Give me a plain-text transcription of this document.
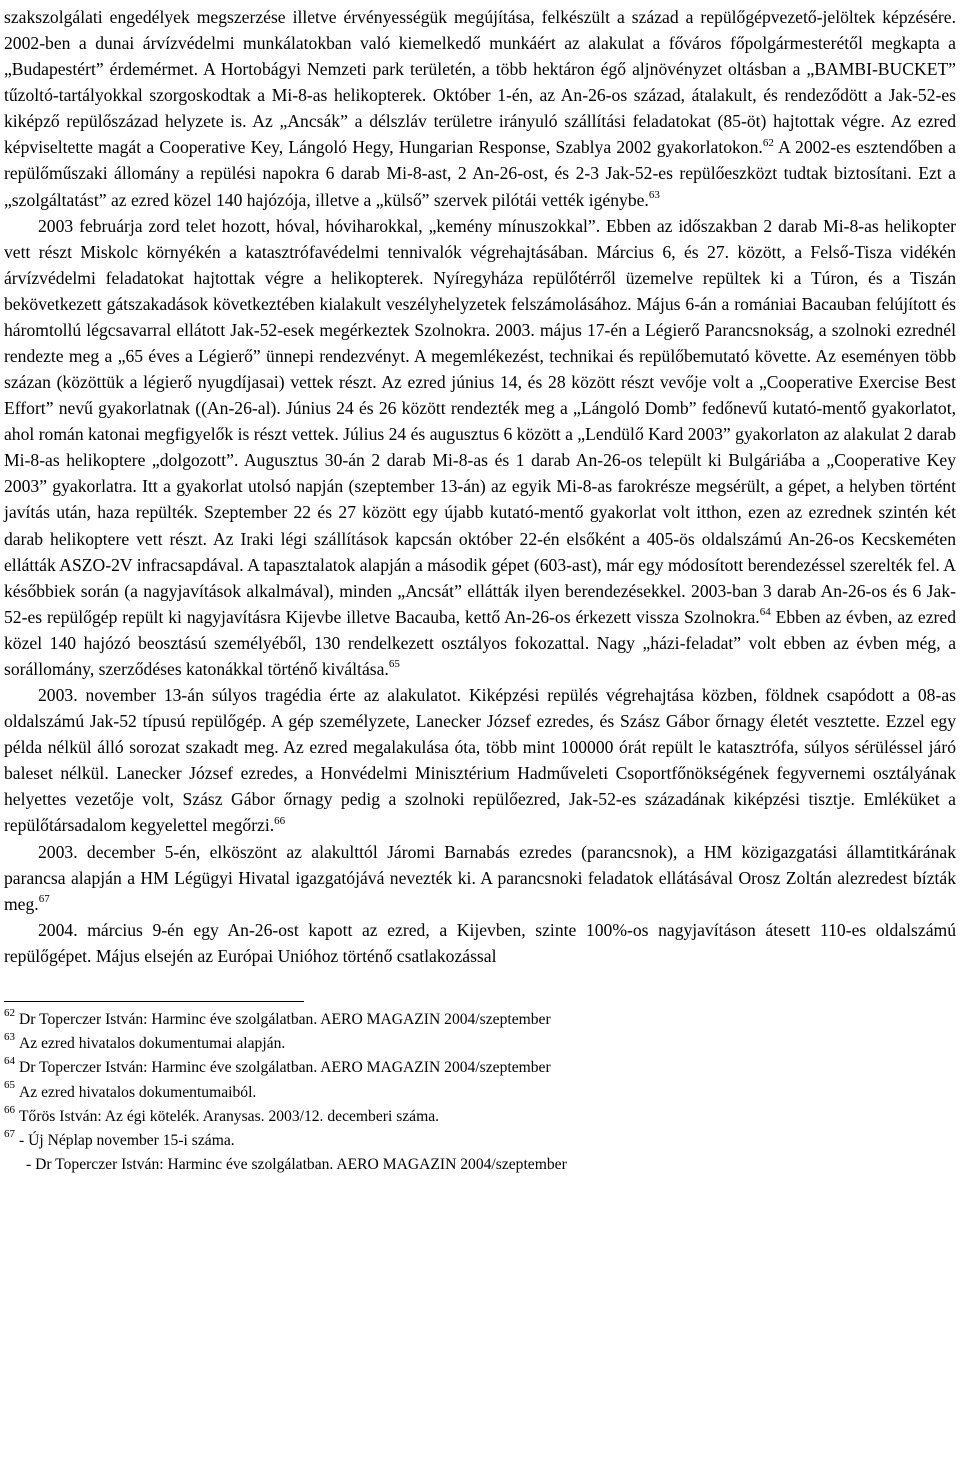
szakszolgálati engedélyek megszerzése illetve érvényességük megújítása, felkészült a század a repülőgépvezető-jelöltek képzésére. 2002-ben a dunai árvízvédelmi munkálatokban való kiemelkedő munkáért az alakulat a főváros főpolgármesterétől megkapta a „Budapestért” érdemérmet. A Hortobágyi Nemzeti park területén, a több hektáron égő aljnövényzet oltásban a „BAMBI-BUCKET” tűzoltó-tartályokkal szorgoskodtak a Mi-8-as helikopterek. Október 1-én, az An-26-os század, átalakult, és rendeződött a Jak-52-es kiképző repülőszázad helyzete is. Az „Ancsák” a délszláv területre irányuló szállítási feladatokat (85-öt) hajtottak végre. Az ezred képviseltette magát a Cooperative Key, Lángoló Hegy, Hungarian Response, Szablya 2002 gyakorlatokon.$^{62}$ A 2002-es esztendőben a repülőműszaki állomány a repülési napokra 6 darab Mi-8-ast, 2 An-26-ost, és 2-3 Jak-52-es repülőeszközt tudtak biztosítani. Ezt a „szolgáltatást” az ezred közel 140 hajózója, illetve a „külső” szervek pilótái vették igénybe.$^{63}$

2003 februárja zord telet hozott, hóval, hóviharokkal, „kemény mínuszokkal”. Ebben az időszakban 2 darab Mi-8-as helikopter vett részt Miskolc környékén a katasztrófavédelmi tennivalók végrehajtásában. Március 6, és 27. között, a Felső-Tisza vidékén árvízvédelmi feladatokat hajtottak végre a helikopterek. Nyíregyháza repülőtérről üzemelve repültek ki a Túron, és a Tiszán bekövetkezett gátszakadások következtében kialakult veszélyhelyzetek felszámolásához. Május 6-án a romániai Bacauban felújított és háromtollú légcsavarral ellátott Jak-52-esek megérkeztek Szolnokra. 2003. május 17-én a Légierő Parancsnokság, a szolnoki ezrednél rendezte meg a „65 éves a Légierő” ünnepi rendezvényt. A megemlékezést, technikai és repülőbemutató követte. Az eseményen több százan (közöttük a légierő nyugdíjasai) vettek részt. Az ezred június 14, és 28 között részt vevője volt a „Cooperative Exercise Best Effort” nevű gyakorlatnak ((An-26-al). Június 24 és 26 között rendezték meg a „Lángoló Domb” fedőnevű kutató-mentő gyakorlatot, ahol román katonai megfigyelők is részt vettek. Július 24 és augusztus 6 között a „Lendülő Kard 2003” gyakorlaton az alakulat 2 darab Mi-8-as helikoptere „dolgozott”. Augusztus 30-án 2 darab Mi-8-as és 1 darab An-26-os települt ki Bulgáriába a „Cooperative Key 2003” gyakorlatra. Itt a gyakorlat utolsó napján (szeptember 13-án) az egyik Mi-8-as farokrésze megsérült, a gépet, a helyben történt javítás után, haza repülték. Szeptember 22 és 27 között egy újabb kutató-mentő gyakorlat volt itthon, ezen az ezrednek szintén két darab helikoptere vett részt. Az Iraki légi szállítások kapcsán október 22-én elsőként a 405-ös oldalszámú An-26-os Kecskeméten ellátták ASZO-2V infracsapdával. A tapasztalatok alapján a második gépet (603-ast), már egy módosított berendezéssel szerelték fel. A későbbiek során (a nagyjavítások alkalmával), minden „Ancsát” ellátták ilyen berendezésekkel. 2003-ban 3 darab An-26-os és 6 Jak-52-es repülőgép repült ki nagyjavításra Kijevbe illetve Bacauba, kettő An-26-os érkezett vissza Szolnokra.$^{64}$ Ebben az évben, az ezred közel 140 hajózó beosztású személyéből, 130 rendelkezett osztályos fokozattal. Nagy „házi-feladat” volt ebben az évben még, a sorállomány, szerződéses katonákkal történő kiváltása.$^{65}$

2003. november 13-án súlyos tragédia érte az alakulatot. Kiképzési repülés végrehajtása közben, földnek csapódott a 08-as oldalszámú Jak-52 típusú repülőgép. A gép személyzete, Lanecker József ezredes, és Szász Gábor őrnagy életét vesztette. Ezzel egy példa nélkül álló sorozat szakadt meg. Az ezred megalakulása óta, több mint 100000 órát repült le katasztrófa, súlyos sérüléssel járó baleset nélkül. Lanecker József ezredes, a Honvédelmi Minisztérium Hadműveleti Csoportfőnökségének fegyvernemi osztályának helyettes vezetője volt, Szász Gábor őrnagy pedig a szolnoki repülőezred, Jak-52-es századának kiképzési tisztje. Emléküket a repülőtársadalom kegyelettel megőrzi.$^{66}$

2003. december 5-én, elköszönt az alakulttól Járomi Barnabás ezredes (parancsnok), a HM közigazgatási államtitkárának parancsa alapján a HM Légügyi Hivatal igazgatójává nevezték ki. A parancsnoki feladatok ellátásával Orosz Zoltán alezredest bízták meg.$^{67}$

2004. március 9-én egy An-26-ost kapott az ezred, a Kijevben, szinte 100%-os nagyjavításon átesett 110-es oldalszámú repülőgépet. Május elsején az Európai Unióhoz történő csatlakozással

$^{62}$ Dr Toperczer István: Harminc éve szolgálatban. AERO MAGAZIN 2004/szeptember
$^{63}$ Az ezred hivatalos dokumentumai alapján.
$^{64}$ Dr Toperczer István: Harminc éve szolgálatban. AERO MAGAZIN 2004/szeptember
$^{65}$ Az ezred hivatalos dokumentumaiból.
$^{66}$ Tőrös István: Az égi kötelék. Aranysas. 2003/12. decemberi száma.
$^{67}$ - Új Néplap november 15-i száma.
- Dr Toperczer István: Harminc éve szolgálatban. AERO MAGAZIN 2004/szeptember
